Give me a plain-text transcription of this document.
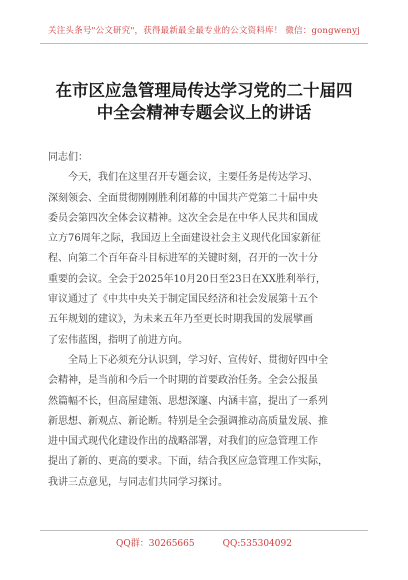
关注头条号"公文研究"，获得最新最全最专业的公文资料库！ 微信：gongwenyj
在市区应急管理局传达学习党的二十届四
中全会精神专题会议上的讲话
同志们：
今天，我们在这里召开专题会议，主要任务是传达学习、
深刻领会、全面贯彻刚刚胜利闭幕的中国共产党第二十届中央
委员会第四次全体会议精神。这次全会是在中华人民共和国成
立方76周年之际，我国迈上全面建设社会主义现代化国家新征
程、向第二个百年奋斗目标进军的关键时刻，召开的一次十分
重要的会议。全会于2025年10月20日至23日在XX胜利举行，
审议通过了《中共中央关于制定国民经济和社会发展第十五个
五年规划的建议》，为未来五年乃至更长时期我国的发展擘画
了宏伟蓝图，指明了前进方向。
全局上下必须充分认识到，学习好、宣传好、贯彻好四中全
会精神，是当前和今后一个时期的首要政治任务。全会公报虽
然篇幅不长，但高屋建瓴、思想深邃、内涵丰富，提出了一系列
新思想、新观点、新论断。特别是全会强调推动高质量发展、推
进中国式现代化建设作出的战略部署，对我们的应急管理工作
提出了新的、更高的要求。下面，结合我区应急管理工作实际，
我讲三点意见，与同志们共同学习探讨。
QQ群：30265665	QQ:535304092
